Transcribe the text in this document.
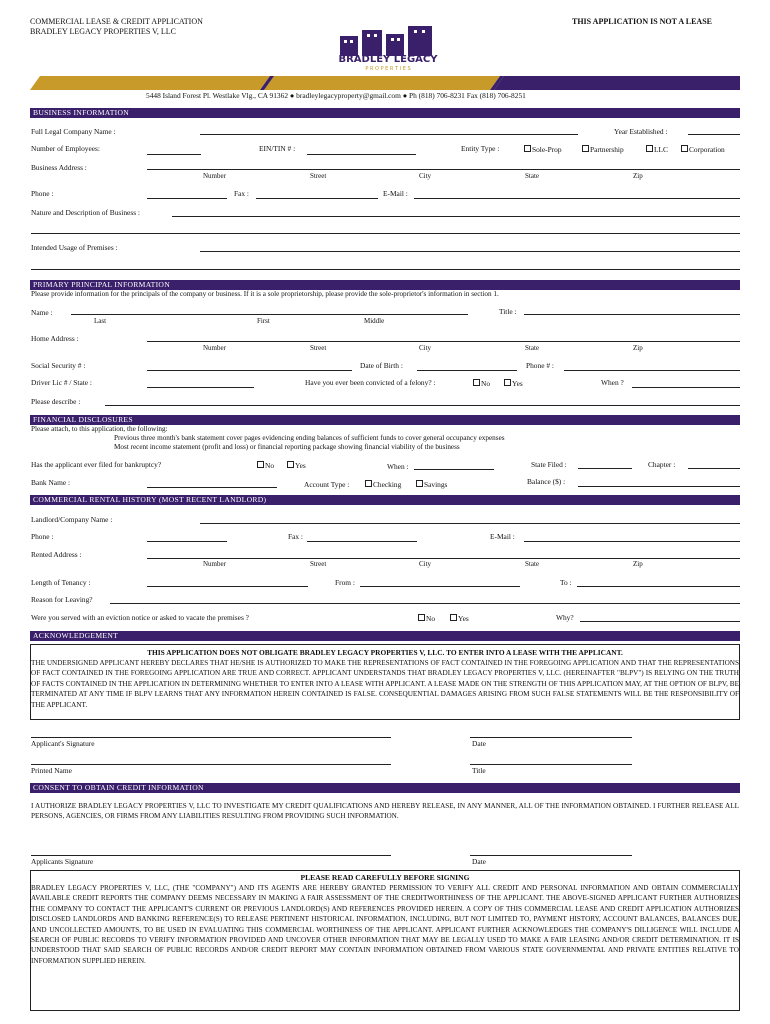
COMMERCIAL LEASE & CREDIT APPLICATION
BRADLEY LEGACY PROPERTIES V, LLC
THIS APPLICATION IS NOT A LEASE
BRADLEY LEGACY
P R O P E R T I E S
5448 Island Forest Pl. Westlake Vlg., CA 91362 ● bradleylegacyproperty@gmail.com ● Ph (818) 706-8231 Fax (818) 706-8251
BUSINESS INFORMATION
Full Legal Company Name :	Year Established :
Number of Employees:	EIN/TIN # :	Entity Type :	Sole-Prop	Partnership	LLC	Corporation
Business Address :
Number	Street	City	State	Zip
Phone :	Fax :	E-Mail :
Nature and Description of Business :
Intended Usage of Premises :
PRIMARY PRINCIPAL INFORMATION
Please provide information for the principals of the company or business. If it is a sole proprietorship, please provide the sole-proprietor's information in section 1.
Name :	Title :
Last	First	Middle
Home Address :
Number	Street	City	State	Zip
Social Security # :	Date of Birth :	Phone # :
Driver Lic # / State :	Have you ever been convicted of a felony? :	No	Yes	When ?
Please describe :
FINANCIAL DISCLOSURES
Please attach, to this application, the following:
Previous three month's bank statement cover pages evidencing ending balances of sufficient funds to cover general occupancy expenses
Most recent income statement (profit and loss) or financial reporting package showing financial viability of the business
Has the applicant ever filed for bankruptcy?	No	Yes	When :	State Filed :	Chapter :
Bank Name :	Account Type :	Checking	Savings	Balance ($) :
COMMERCIAL RENTAL HISTORY (MOST RECENT LANDLORD)
Landlord/Company Name :
Phone :	Fax :	E-Mail :
Rented Address :
Number	Street	City	State	Zip
Length of Tenancy :	From :	To :
Reason for Leaving?
Were you served with an eviction notice or asked to vacate the premises ?	No	Yes	Why?
ACKNOWLEDGEMENT
THIS APPLICATION DOES NOT OBLIGATE BRADLEY LEGACY PROPERTIES V, LLC. TO ENTER INTO A LEASE WITH THE APPLICANT.
THE UNDERSIGNED APPLICANT HEREBY DECLARES THAT HE/SHE IS AUTHORIZED TO MAKE THE REPRESENTATIONS OF FACT CONTAINED IN THE FOREGOING APPLICATION AND THAT THE REPRESENTATIONS OF FACT CONTAINED IN THE FOREGOING APPLICATION ARE TRUE AND CORRECT. APPLICANT UNDERSTANDS THAT BRADLEY LEGACY PROPERTIES V, LLC. (HEREINAFTER "BLPV") IS RELYING ON THE TRUTH OF FACTS CONTAINED IN THE APPLICATION IN DETERMINING WHETHER TO ENTER INTO A LEASE WITH APPLICANT. A LEASE MADE ON THE STRENGTH OF THIS APPLICATION MAY, AT THE OPTION OF BLPV, BE TERMINATED AT ANY TIME IF BLPV LEARNS THAT ANY INFORMATION HEREIN CONTAINED IS FALSE. CONSEQUENTIAL DAMAGES ARISING FROM SUCH FALSE STATEMENTS WILL BE THE RESPONSIBILITY OF THE APPLICANT.
Applicant's Signature	Date
Printed Name	Title
CONSENT TO OBTAIN CREDIT INFORMATION
I AUTHORIZE BRADLEY LEGACY PROPERTIES V, LLC TO INVESTIGATE MY CREDIT QUALIFICATIONS AND HEREBY RELEASE, IN ANY MANNER, ALL OF THE INFORMATION OBTAINED. I FURTHER RELEASE ALL PERSONS, AGENCIES, OR FIRMS FROM ANY LIABILITIES RESULTING FROM PROVIDING SUCH INFORMATION.
Applicants Signature	Date
PLEASE READ CAREFULLY BEFORE SIGNING
BRADLEY LEGACY PROPERTIES V, LLC, (THE "COMPANY") AND ITS AGENTS ARE HEREBY GRANTED PERMISSION TO VERIFY ALL CREDIT AND PERSONAL INFORMATION AND OBTAIN COMMERCIALLY AVAILABLE CREDIT REPORTS THE COMPANY DEEMS NECESSARY IN MAKING A FAIR ASSESSMENT OF THE CREDITWORTHINESS OF THE APPLICANT. THE ABOVE-SIGNED APPLICANT FURTHER AUTHORIZES THE COMPANY TO CONTACT THE APPLICANT'S CURRENT OR PREVIOUS LANDLORD(S) AND REFERENCES PROVIDED HEREIN. A COPY OF THIS COMMERCIAL LEASE AND CREDIT APPLICATION AUTHORIZES DISCLOSED LANDLORDS AND BANKING REFERENCE(S) TO RELEASE PERTINENT HISTORICAL INFORMATION, INCLUDING, BUT NOT LIMITED TO, PAYMENT HISTORY, ACCOUNT BALANCES, BALANCES DUE, AND UNCOLLECTED AMOUNTS, TO BE USED IN EVALUATING THIS COMMERCIAL WORTHINESS OF THE APPLICANT. APPLICANT FURTHER ACKNOWLEDGES THE COMPANY'S DILLIGENCE WILL INCLUDE A SEARCH OF PUBLIC RECORDS TO VERIFY INFORMATION PROVIDED AND UNCOVER OTHER INFORMATION THAT MAY BE LEGALLY USED TO MAKE A FAIR LEASING AND/OR CREDIT DETERMINATION. IT IS UNDERSTOOD THAT SAID SEARCH OF PUBLIC RECORDS AND/OR CREDIT REPORT MAY CONTAIN INFORMATION OBTAINED FROM VARIOUS STATE GOVERNMENTAL AND PRIVATE ENTITIES RELATIVE TO INFORMATION SUPPLIED HEREIN.
